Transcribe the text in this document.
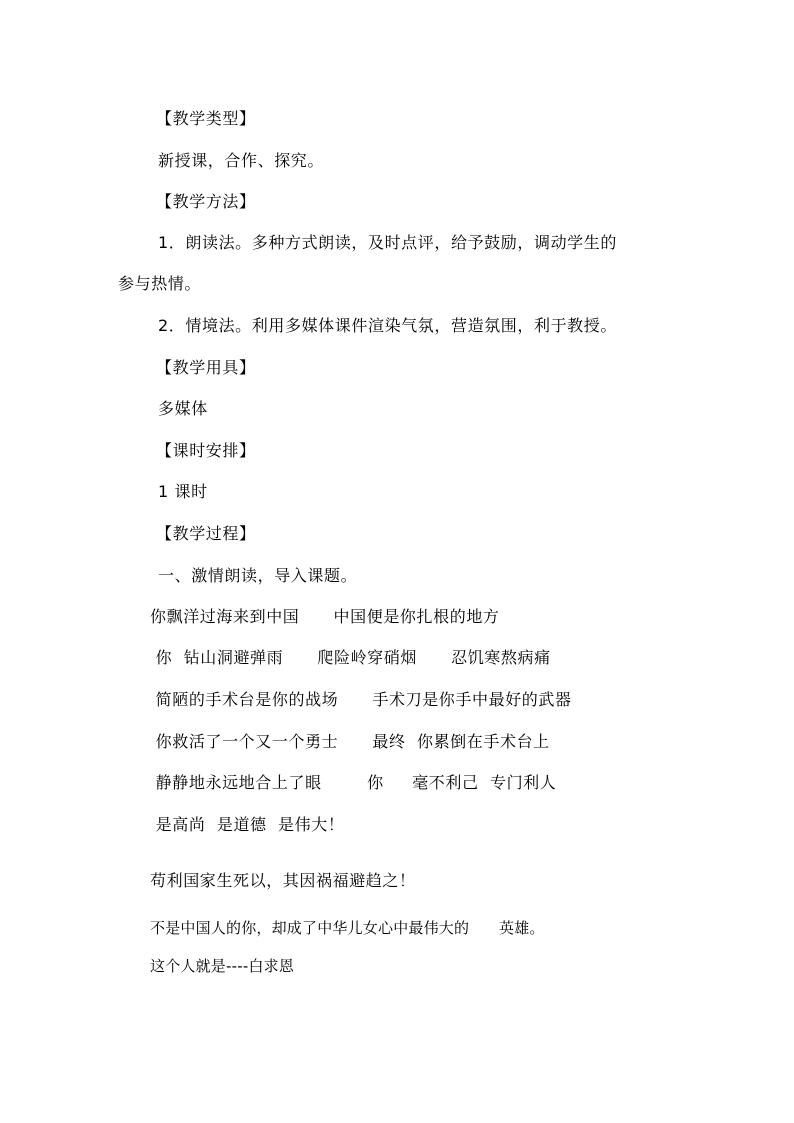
【教学类型】
新授课，合作、探究。
【教学方法】
1．朗读法。多种方式朗读，及时点评，给予鼓励，调动学生的
参与热情。
2．情境法。利用多媒体课件渲染气氛，营造氛围，利于教授。
【教学用具】
多媒体
【课时安排】
1 课时
【教学过程】
一、激情朗读，导入课题。
你飘洋过海来到中国      中国便是你扎根的地方
你  钻山洞避弹雨      爬险岭穿硝烟      忍饥寒熬病痛
简陋的手术台是你的战场      手术刀是你手中最好的武器
你救活了一个又一个勇士      最终  你累倒在手术台上
静静地永远地合上了眼        你     毫不利己  专门利人
是高尚  是道德  是伟大！
苟利国家生死以，其因祸福避趋之！
不是中国人的你，却成了中华儿女心中最伟大的      英雄。
这个人就是----白求恩
